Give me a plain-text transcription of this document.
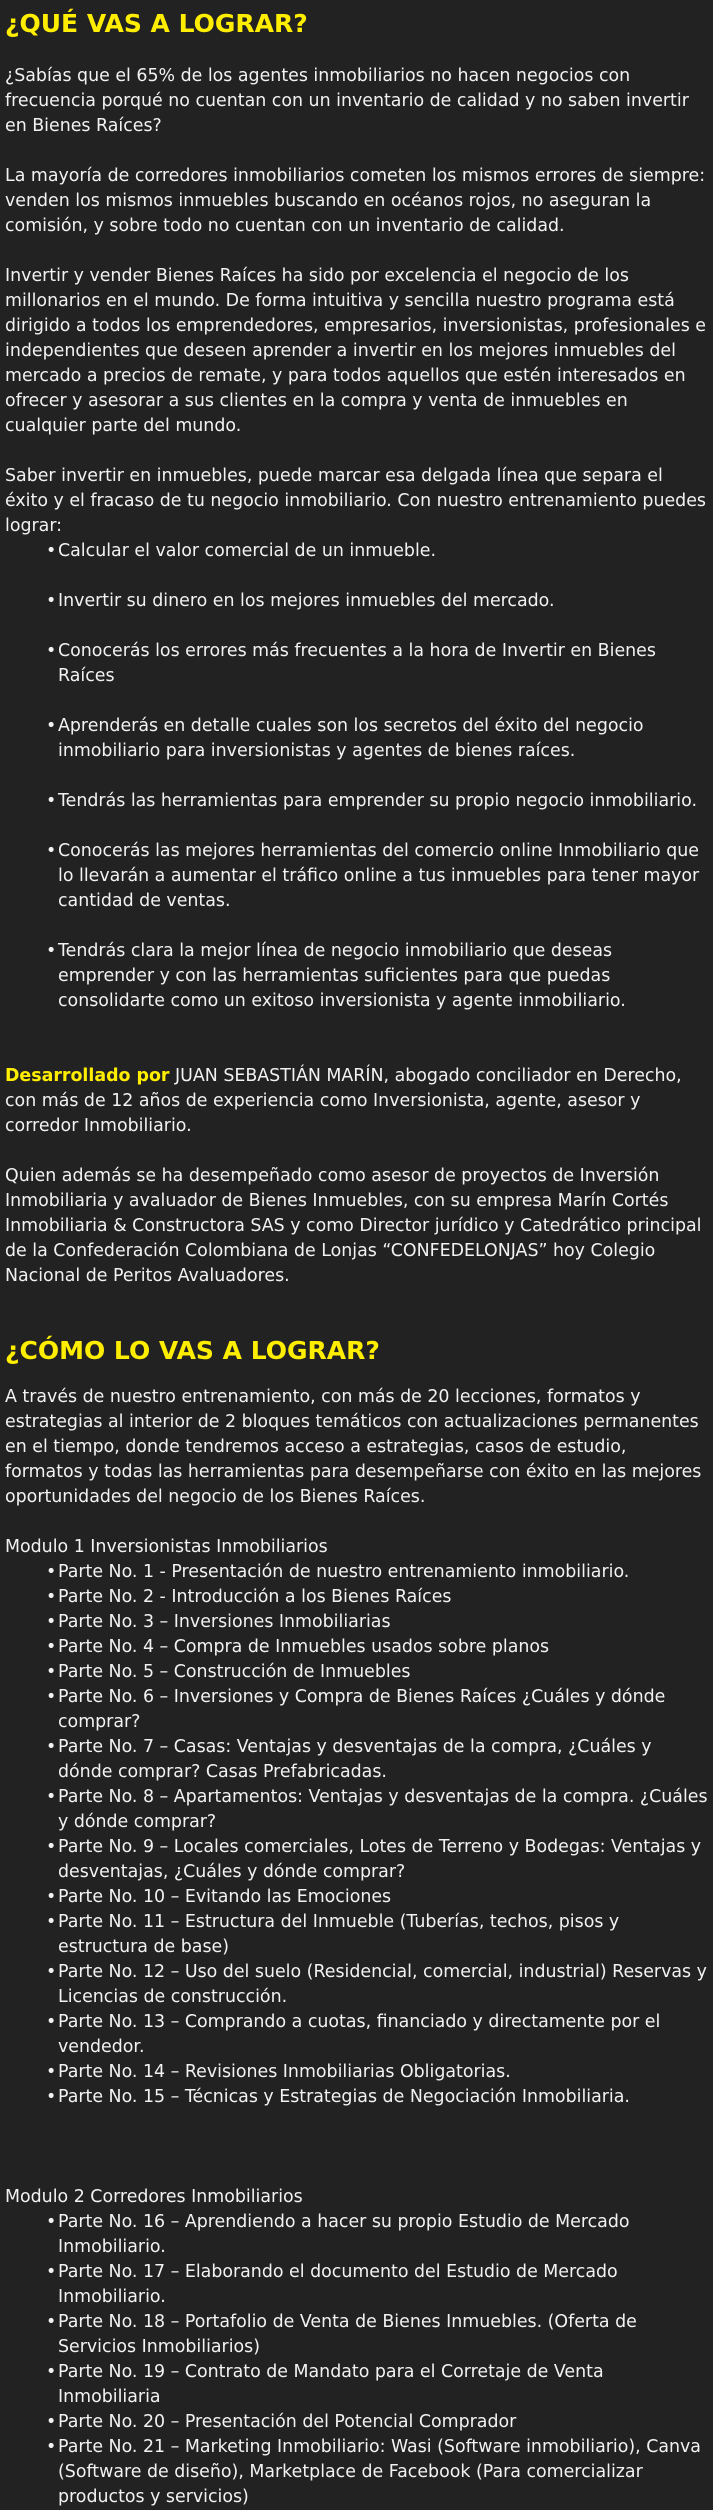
¿QUÉ VAS A LOGRAR?

¿Sabías que el 65% de los agentes inmobiliarios no hacen negocios con frecuencia porqué no cuentan con un inventario de calidad y no saben invertir en Bienes Raíces?

La mayoría de corredores inmobiliarios cometen los mismos errores de siempre: venden los mismos inmuebles buscando en océanos rojos, no aseguran la comisión, y sobre todo no cuentan con un inventario de calidad.

Invertir y vender Bienes Raíces ha sido por excelencia el negocio de los millonarios en el mundo. De forma intuitiva y sencilla nuestro programa está dirigido a todos los emprendedores, empresarios, inversionistas, profesionales e independientes que deseen aprender a invertir en los mejores inmuebles del mercado a precios de remate, y para todos aquellos que estén interesados en ofrecer y asesorar a sus clientes en la compra y venta de inmuebles en cualquier parte del mundo.

Saber invertir en inmuebles, puede marcar esa delgada línea que separa el éxito y el fracaso de tu negocio inmobiliario. Con nuestro entrenamiento puedes lograr:

• Calcular el valor comercial de un inmueble.
• Invertir su dinero en los mejores inmuebles del mercado.
• Conocerás los errores más frecuentes a la hora de Invertir en Bienes Raíces
• Aprenderás en detalle cuales son los secretos del éxito del negocio inmobiliario para inversionistas y agentes de bienes raíces.
• Tendrás las herramientas para emprender su propio negocio inmobiliario.
• Conocerás las mejores herramientas del comercio online Inmobiliario que lo llevarán a aumentar el tráfico online a tus inmuebles para tener mayor cantidad de ventas.
• Tendrás clara la mejor línea de negocio inmobiliario que deseas emprender y con las herramientas suficientes para que puedas consolidarte como un exitoso inversionista y agente inmobiliario.

Desarrollado por JUAN SEBASTIÁN MARÍN, abogado conciliador en Derecho, con más de 12 años de experiencia como Inversionista, agente, asesor y corredor Inmobiliario.

Quien además se ha desempeñado como asesor de proyectos de Inversión Inmobiliaria y avaluador de Bienes Inmuebles, con su empresa Marín Cortés Inmobiliaria & Constructora SAS y como Director jurídico y Catedrático principal de la Confederación Colombiana de Lonjas “CONFEDELONJAS” hoy Colegio Nacional de Peritos Avaluadores.

¿CÓMO LO VAS A LOGRAR?

A través de nuestro entrenamiento, con más de 20 lecciones, formatos y estrategias al interior de 2 bloques temáticos con actualizaciones permanentes en el tiempo, donde tendremos acceso a estrategias, casos de estudio, formatos y todas las herramientas para desempeñarse con éxito en las mejores oportunidades del negocio de los Bienes Raíces.

Modulo 1 Inversionistas Inmobiliarios

• Parte No. 1 - Presentación de nuestro entrenamiento inmobiliario.
• Parte No. 2 - Introducción a los Bienes Raíces
• Parte No. 3 – Inversiones Inmobiliarias
• Parte No. 4 – Compra de Inmuebles usados sobre planos
• Parte No. 5 – Construcción de Inmuebles
• Parte No. 6 – Inversiones y Compra de Bienes Raíces ¿Cuáles y dónde comprar?
• Parte No. 7 – Casas: Ventajas y desventajas de la compra, ¿Cuáles y dónde comprar? Casas Prefabricadas.
• Parte No. 8 – Apartamentos: Ventajas y desventajas de la compra. ¿Cuáles y dónde comprar?
• Parte No. 9 – Locales comerciales, Lotes de Terreno y Bodegas: Ventajas y desventajas, ¿Cuáles y dónde comprar?
• Parte No. 10 – Evitando las Emociones
• Parte No. 11 – Estructura del Inmueble (Tuberías, techos, pisos y estructura de base)
• Parte No. 12 – Uso del suelo (Residencial, comercial, industrial) Reservas y Licencias de construcción.
• Parte No. 13 – Comprando a cuotas, financiado y directamente por el vendedor.
• Parte No. 14 – Revisiones Inmobiliarias Obligatorias.
• Parte No. 15 – Técnicas y Estrategias de Negociación Inmobiliaria.

Modulo 2 Corredores Inmobiliarios

• Parte No. 16 – Aprendiendo a hacer su propio Estudio de Mercado Inmobiliario.
• Parte No. 17 – Elaborando el documento del Estudio de Mercado Inmobiliario.
• Parte No. 18 – Portafolio de Venta de Bienes Inmuebles. (Oferta de Servicios Inmobiliarios)
• Parte No. 19 – Contrato de Mandato para el Corretaje de Venta Inmobiliaria
• Parte No. 20 – Presentación del Potencial Comprador
• Parte No. 21 – Marketing Inmobiliario: Wasi (Software inmobiliario), Canva (Software de diseño), Marketplace de Facebook (Para comercializar productos y servicios)
